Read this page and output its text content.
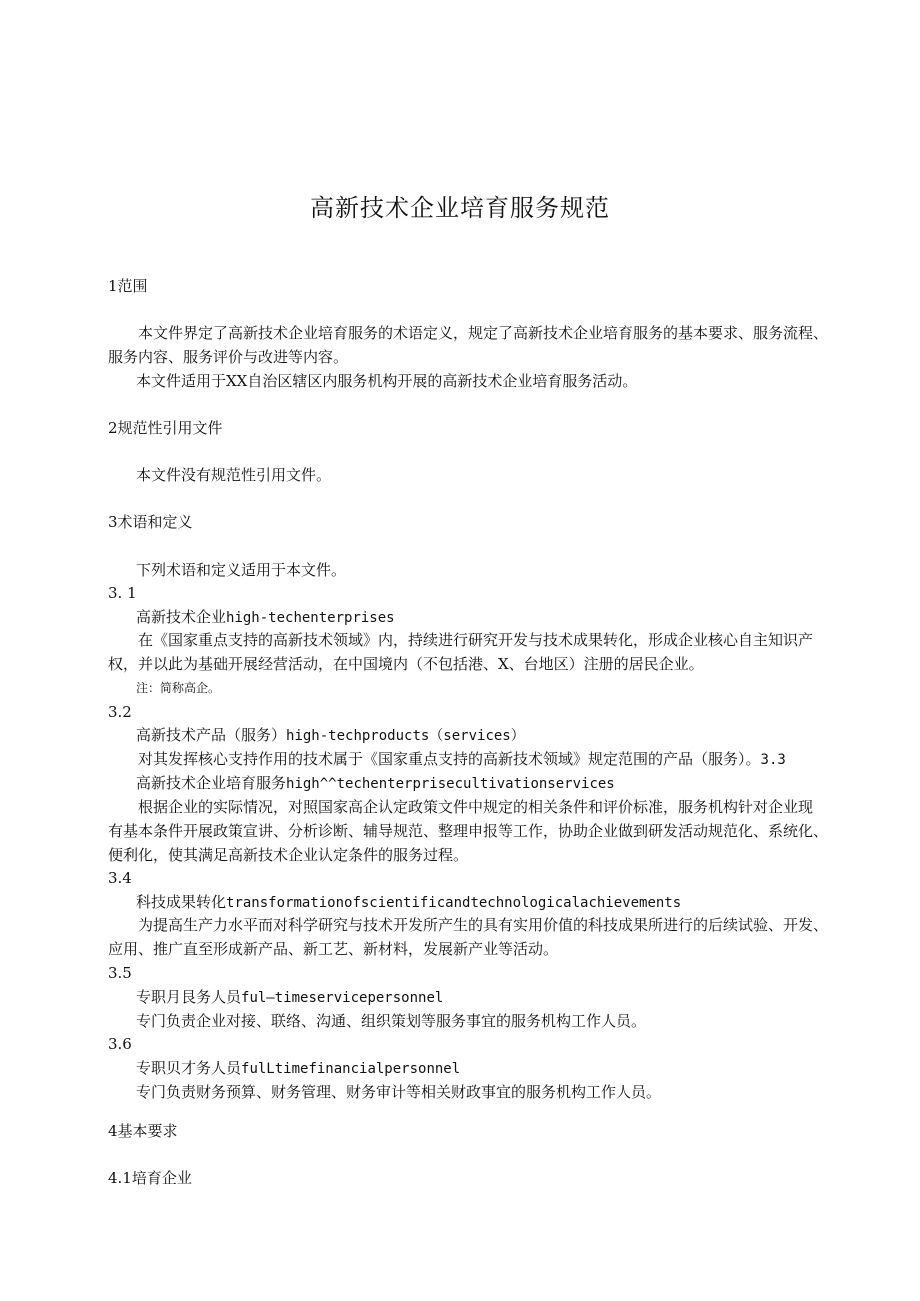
高新技术企业培育服务规范
1范围
本文件界定了高新技术企业培育服务的术语定义，规定了高新技术企业培育服务的基本要求、服务流程、
服务内容、服务评价与改进等内容。
本文件适用于XX自治区辖区内服务机构开展的高新技术企业培育服务活动。
2规范性引用文件
本文件没有规范性引用文件。
3术语和定义
下列术语和定义适用于本文件。
3. 1
高新技术企业high-techenterprises
在《国家重点支持的高新技术领域》内，持续进行研究开发与技术成果转化，形成企业核心自主知识产
权，并以此为基础开展经营活动，在中国境内（不包括港、X、台地区）注册的居民企业。
注：简称高企。
3.2
高新技术产品（服务）high-techproducts（services）
对其发挥核心支持作用的技术属于《国家重点支持的高新技术领域》规定范围的产品（服务）。3.3
高新技术企业培育服务high^^techenterprisecultivationservices
根据企业的实际情况，对照国家高企认定政策文件中规定的相关条件和评价标准，服务机构针对企业现
有基本条件开展政策宣讲、分析诊断、辅导规范、整理申报等工作，协助企业做到研发活动规范化、系统化、
便利化，使其满足高新技术企业认定条件的服务过程。
3.4
科技成果转化transformationofscientificandtechnologicalachievements
为提高生产力水平而对科学研究与技术开发所产生的具有实用价值的科技成果所进行的后续试验、开发、
应用、推广直至形成新产品、新工艺、新材料，发展新产业等活动。
3.5
专职月艮务人员ful—timeservicepersonnel
专门负责企业对接、联络、沟通、组织策划等服务事宜的服务机构工作人员。
3.6
专职贝才务人员fulLtimefinancialpersonnel
专门负责财务预算、财务管理、财务审计等相关财政事宜的服务机构工作人员。
4基本要求
4.1培育企业
